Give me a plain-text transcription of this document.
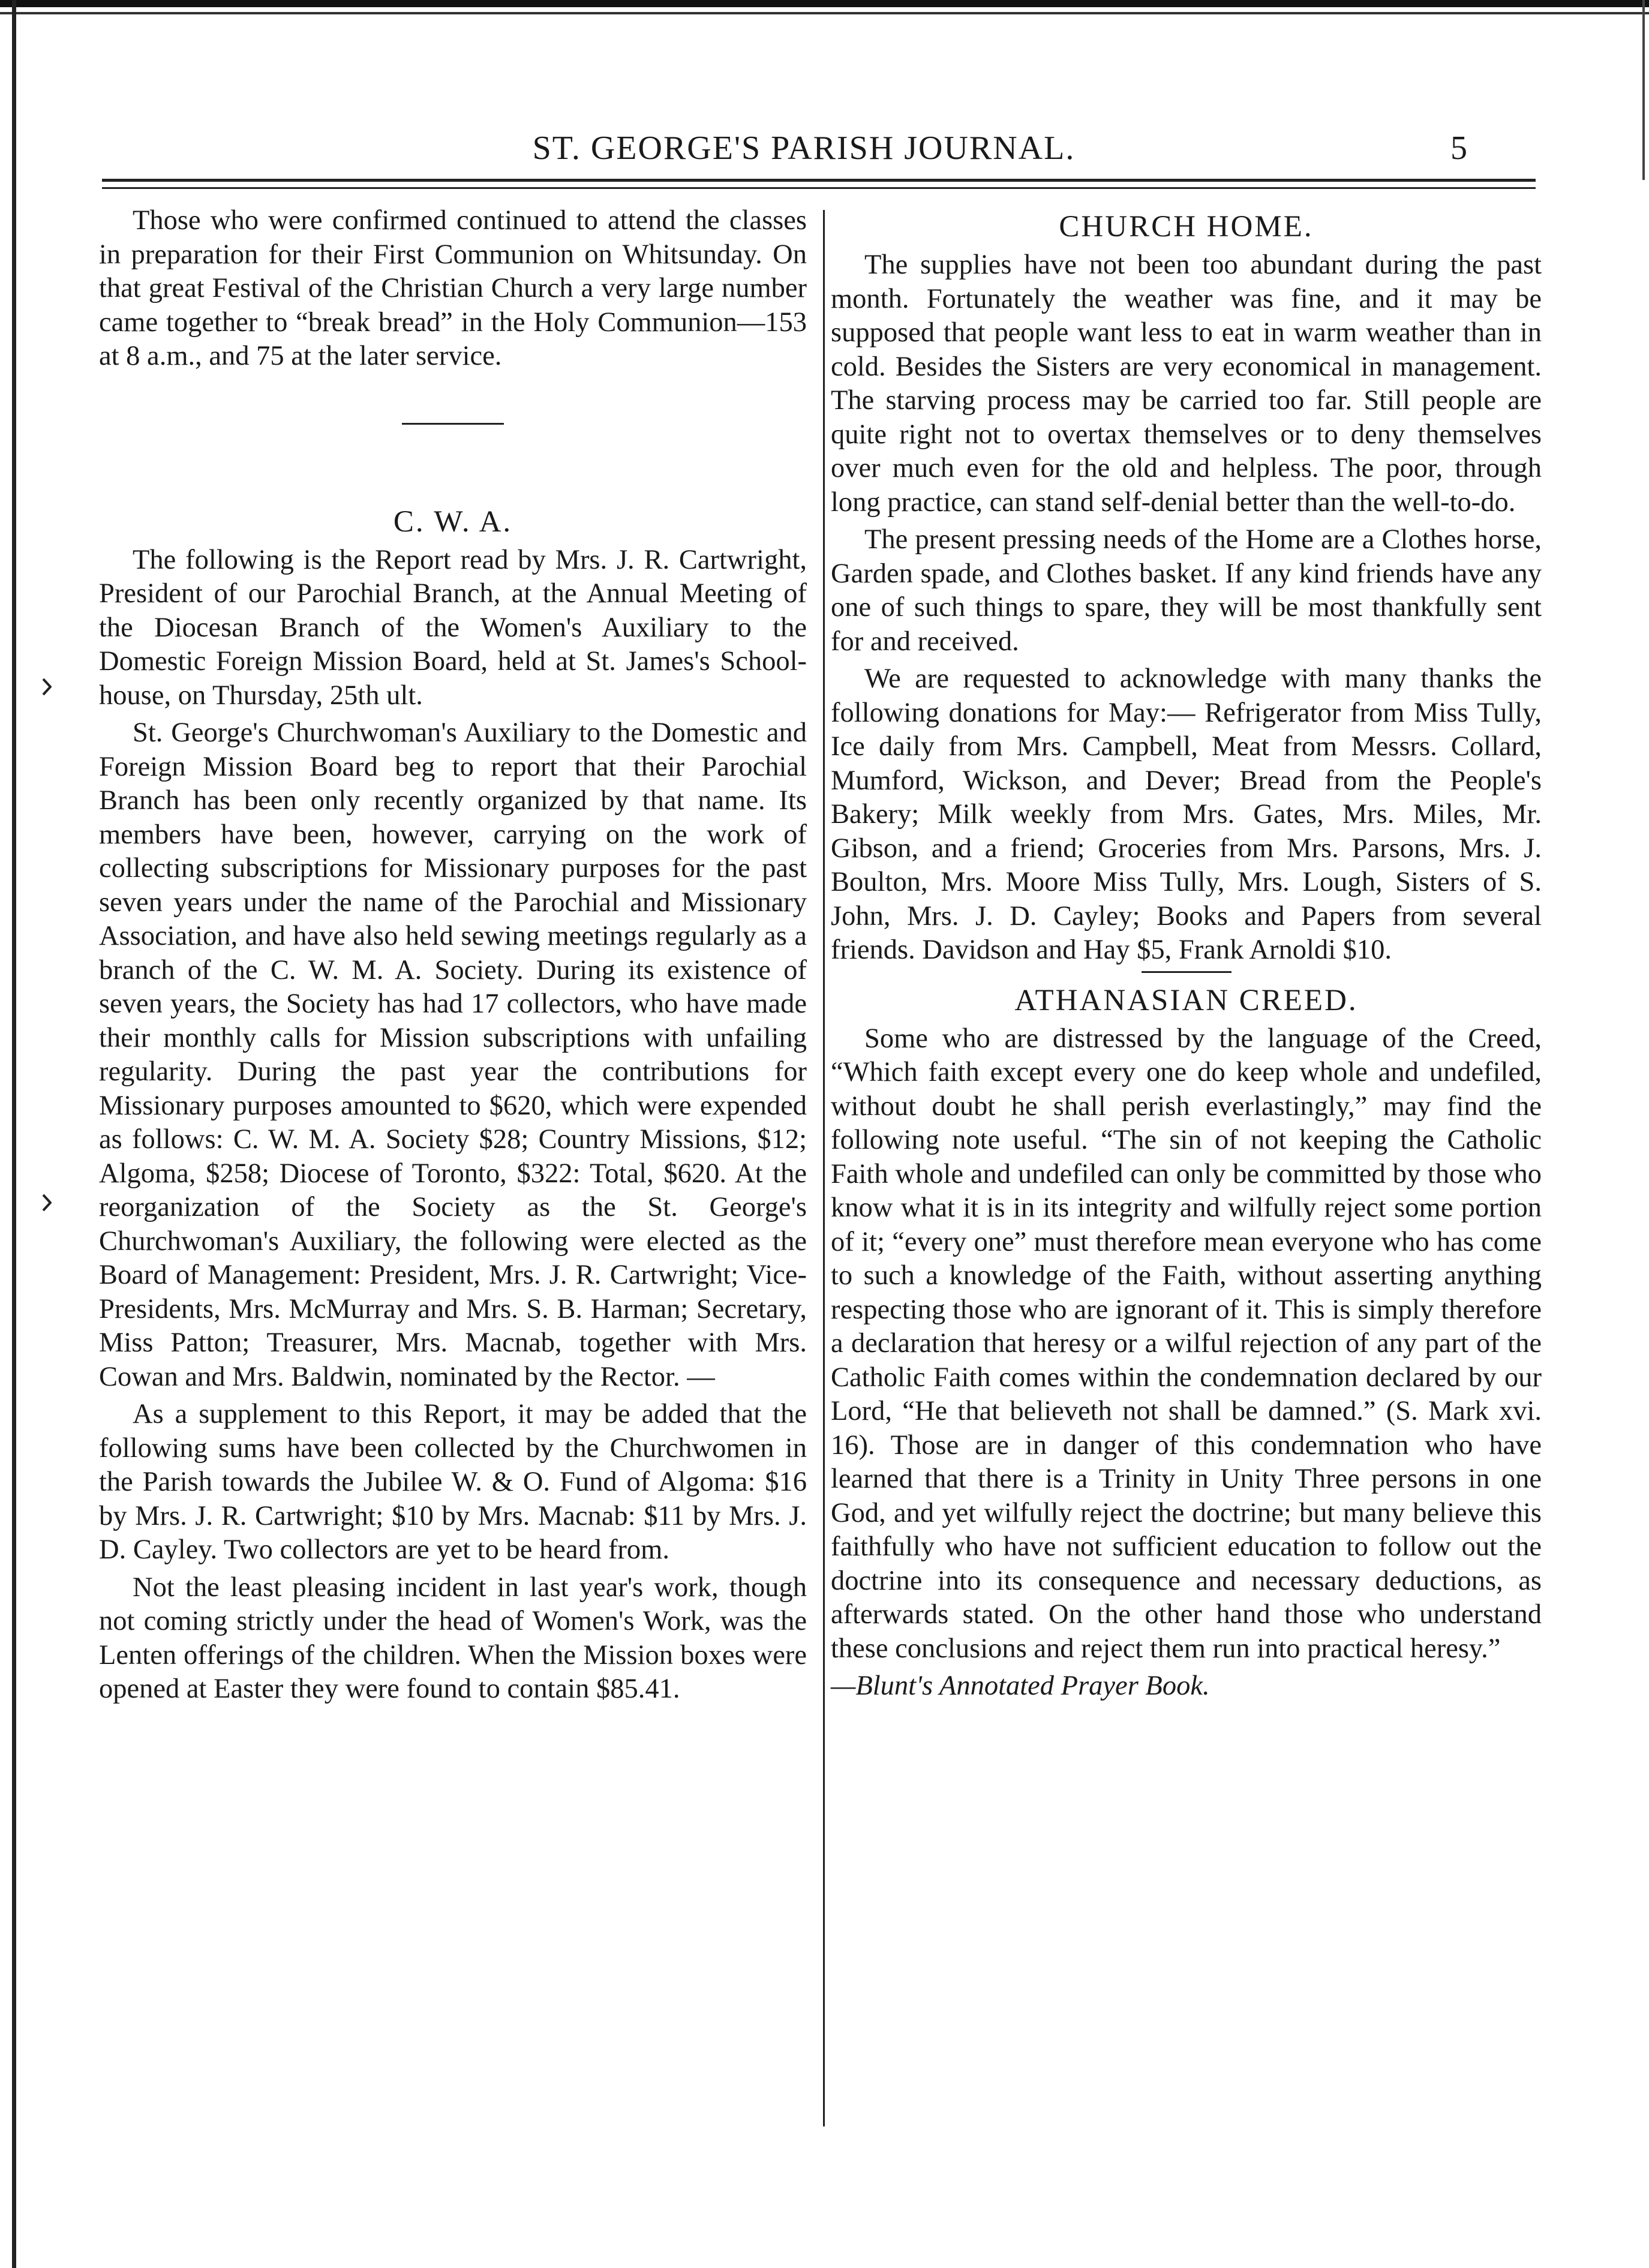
ST. GEORGE'S PARISH JOURNAL.	5

Those who were confirmed continued to attend the classes in preparation for their First Communion on Whitsunday. On that great Festival of the Christian Church a very large number came together to “break bread” in the Holy Communion—153 at 8 a.m., and 75 at the later service.

C. W. A.

The following is the Report read by Mrs. J. R. Cartwright, President of our Parochial Branch, at the Annual Meeting of the Diocesan Branch of the Women's Auxiliary to the Domestic Foreign Mission Board, held at St. James's School-house, on Thursday, 25th ult.

St. George's Churchwoman's Auxiliary to the Domestic and Foreign Mission Board beg to report that their Parochial Branch has been only recently organized by that name. Its members have been, however, carrying on the work of collecting subscriptions for Missionary purposes for the past seven years under the name of the Parochial and Missionary Association, and have also held sewing meetings regularly as a branch of the C. W. M. A. Society. During its existence of seven years, the Society has had 17 collectors, who have made their monthly calls for Mission subscriptions with unfailing regularity. During the past year the contributions for Missionary purposes amounted to $620, which were expended as follows: C. W. M. A. Society $28; Country Missions, $12; Algoma, $258; Diocese of Toronto, $322: Total, $620. At the reorganization of the Society as the St. George's Churchwoman's Auxiliary, the following were elected as the Board of Management: President, Mrs. J. R. Cartwright; Vice-Presidents, Mrs. McMurray and Mrs. S. B. Harman; Secretary, Miss Patton; Treasurer, Mrs. Macnab, together with Mrs. Cowan and Mrs. Baldwin, nominated by the Rector. —

As a supplement to this Report, it may be added that the following sums have been collected by the Churchwomen in the Parish towards the Jubilee W. & O. Fund of Algoma: $16 by Mrs. J. R. Cartwright; $10 by Mrs. Macnab: $11 by Mrs. J. D. Cayley. Two collectors are yet to be heard from.

Not the least pleasing incident in last year's work, though not coming strictly under the head of Women's Work, was the Lenten offerings of the children. When the Mission boxes were opened at Easter they were found to contain $85.41.

CHURCH HOME.

The supplies have not been too abundant during the past month. Fortunately the weather was fine, and it may be supposed that people want less to eat in warm weather than in cold. Besides the Sisters are very economical in management. The starving process may be carried too far. Still people are quite right not to overtax themselves or to deny themselves over much even for the old and helpless. The poor, through long practice, can stand self-denial better than the well-to-do.

The present pressing needs of the Home are a Clothes horse, Garden spade, and Clothes basket. If any kind friends have any one of such things to spare, they will be most thankfully sent for and received.

We are requested to acknowledge with many thanks the following donations for May:— Refrigerator from Miss Tully, Ice daily from Mrs. Campbell, Meat from Messrs. Collard, Mumford, Wickson, and Dever; Bread from the People's Bakery; Milk weekly from Mrs. Gates, Mrs. Miles, Mr. Gibson, and a friend; Groceries from Mrs. Parsons, Mrs. J. Boulton, Mrs. Moore Miss Tully, Mrs. Lough, Sisters of S. John, Mrs. J. D. Cayley; Books and Papers from several friends. Davidson and Hay $5, Frank Arnoldi $10.

ATHANASIAN CREED.

Some who are distressed by the language of the Creed, “Which faith except every one do keep whole and undefiled, without doubt he shall perish everlastingly,” may find the following note useful. “The sin of not keeping the Catholic Faith whole and undefiled can only be committed by those who know what it is in its integrity and wilfully reject some portion of it; “every one” must therefore mean everyone who has come to such a knowledge of the Faith, without asserting anything respecting those who are ignorant of it. This is simply therefore a declaration that heresy or a wilful rejection of any part of the Catholic Faith comes within the condemnation declared by our Lord, “He that believeth not shall be damned.” (S. Mark xvi. 16). Those are in danger of this condemnation who have learned that there is a Trinity in Unity Three persons in one God, and yet wilfully reject the doctrine; but many believe this faithfully who have not sufficient education to follow out the doctrine into its consequence and necessary deductions, as afterwards stated. On the other hand those who understand these conclusions and reject them run into practical heresy.”

—Blunt's Annotated Prayer Book.
